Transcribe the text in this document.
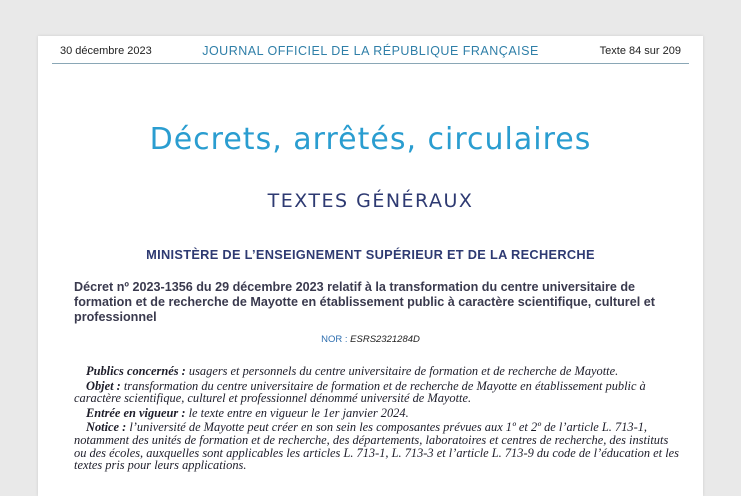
30 décembre 2023	JOURNAL OFFICIEL DE LA RÉPUBLIQUE FRANÇAISE	Texte 84 sur 209
Décrets, arrêtés, circulaires
TEXTES GÉNÉRAUX
MINISTÈRE DE L’ENSEIGNEMENT SUPÉRIEUR ET DE LA RECHERCHE
Décret nº 2023-1356 du 29 décembre 2023 relatif à la transformation du centre universitaire de formation et de recherche de Mayotte en établissement public à caractère scientifique, culturel et professionnel
NOR : ESRS2321284D

Publics concernés : usagers et personnels du centre universitaire de formation et de recherche de Mayotte.

Objet : transformation du centre universitaire de formation et de recherche de Mayotte en établissement public à caractère scientifique, culturel et professionnel dénommé université de Mayotte.

Entrée en vigueur : le texte entre en vigueur le 1er janvier 2024.

Notice : l’université de Mayotte peut créer en son sein les composantes prévues aux 1º et 2º de l’article L. 713-1, notamment des unités de formation et de recherche, des départements, laboratoires et centres de recherche, des instituts ou des écoles, auxquelles sont applicables les articles L. 713-1, L. 713-3 et l’article L. 713-9 du code de l’éducation et les textes pris pour leurs applications.
